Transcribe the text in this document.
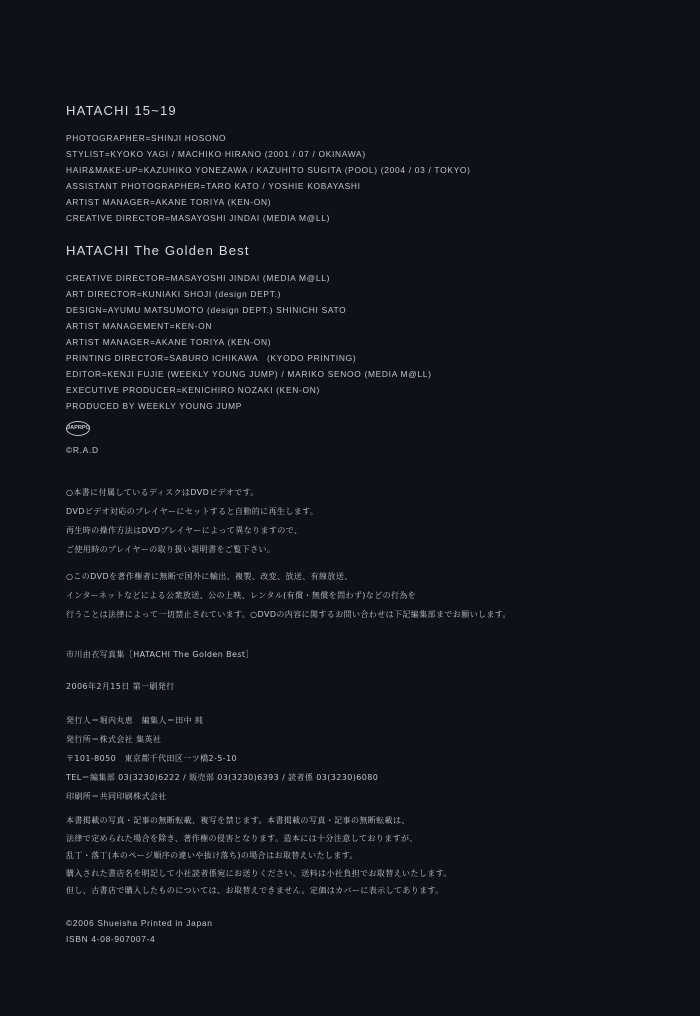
HATACHI 15~19
PHOTOGRAPHER=SHINJI HOSONO
STYLIST=KYOKO YAGI / MACHIKO HIRANO (2001 / 07 / OKINAWA)
HAIR&MAKE-UP=KAZUHIKO YONEZAWA / KAZUHITO SUGITA (POOL) (2004 / 03 / TOKYO)
ASSISTANT PHOTOGRAPHER=TARO KATO / YOSHIE KOBAYASHI
ARTIST MANAGER=AKANE TORIYA (KEN-ON)
CREATIVE DIRECTOR=MASAYOSHI JINDAI (MEDIA M@LL)
HATACHI The Golden Best
CREATIVE DIRECTOR=MASAYOSHI JINDAI (MEDIA M@LL)
ART DIRECTOR=KUNIAKI SHOJI (design DEPT.)
DESIGN=AYUMU MATSUMOTO (design DEPT.) SHINICHI SATO
ARTIST MANAGEMENT=KEN-ON
ARTIST MANAGER=AKANE TORIYA (KEN-ON)
PRINTING DIRECTOR=SABURO ICHIKAWA　(KYODO PRINTING)
EDITOR=KENJI FUJIE (WEEKLY YOUNG JUMP) / MARIKO SENOO (MEDIA M@LL)
EXECUTIVE PRODUCER=KENICHIRO NOZAKI (KEN-ON)
PRODUCED BY WEEKLY YOUNG JUMP
JAPRPO
©R.A.D
○本書に付属しているディスクはDVDビデオです。
DVDビデオ対応のプレイヤーにセットすると自動的に再生します。
再生時の操作方法はDVDプレイヤーによって異なりますので、
ご使用時のプレイヤーの取り扱い説明書をご覧下さい。
○このDVDを著作権者に無断で国外に輸出、複製、改変、放送、有線放送、
インターネットなどによる公衆放送、公の上映、レンタル(有償・無償を問わず)などの行為を
行うことは法律によって一切禁止されています。○DVDの内容に関するお問い合わせは下記編集部までお願いします。
市川由衣写真集［HATACHI The Golden Best］
2006年2月15日 第一刷発行
発行人＝堀内丸恵　編集人＝田中 純
発行所＝株式会社 集英社
〒101-8050　東京都千代田区一ツ橋2-5-10
TEL＝編集部 03(3230)6222 / 販売部 03(3230)6393 / 読者係 03(3230)6080
印刷所＝共同印刷株式会社
本書掲載の写真・記事の無断転載、複写を禁じます。本書掲載の写真・記事の無断転載は、
法律で定められた場合を除き、著作権の侵害となります。造本には十分注意しておりますが、
乱丁・落丁(本のページ順序の違いや抜け落ち)の場合はお取替えいたします。
購入された書店名を明記して小社読者係宛にお送りください。送料は小社負担でお取替えいたします。
但し、古書店で購入したものについては、お取替えできません。定価はカバーに表示してあります。
©2006 Shueisha Printed in Japan
ISBN 4-08-907007-4
